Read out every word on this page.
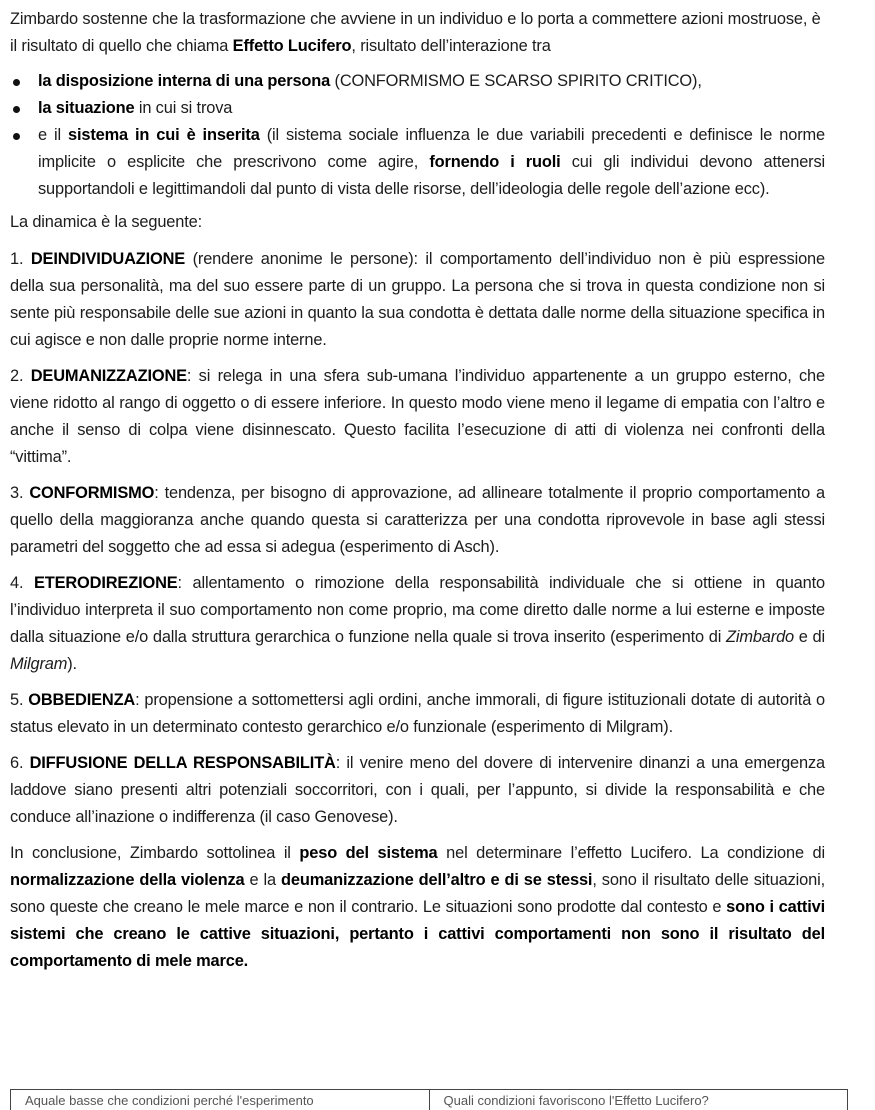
Zimbardo sostenne che la trasformazione che avviene in un individuo e lo porta a commettere azioni mostruose, è il risultato di quello che chiama Effetto Lucifero, risultato dell’interazione tra

la disposizione interna di una persona (CONFORMISMO E SCARSO SPIRITO CRITICO),
la situazione in cui si trova
e il sistema in cui è inserita (il sistema sociale influenza le due variabili precedenti e definisce le norme implicite o esplicite che prescrivono come agire, fornendo i ruoli cui gli individui devono attenersi supportandoli e legittimandoli dal punto di vista delle risorse, dell’ideologia delle regole dell’azione ecc).

La dinamica è la seguente:

1. DEINDIVIDUAZIONE (rendere anonime le persone): il comportamento dell’individuo non è più espressione della sua personalità, ma del suo essere parte di un gruppo. La persona che si trova in questa condizione non si sente più responsabile delle sue azioni in quanto la sua condotta è dettata dalle norme della situazione specifica in cui agisce e non dalle proprie norme interne.

2. DEUMANIZZAZIONE: si relega in una sfera sub-umana l’individuo appartenente a un gruppo esterno, che viene ridotto al rango di oggetto o di essere inferiore. In questo modo viene meno il legame di empatia con l’altro e anche il senso di colpa viene disinnescato. Questo facilita l’esecuzione di atti di violenza nei confronti della “vittima”.

3. CONFORMISMO: tendenza, per bisogno di approvazione, ad allineare totalmente il proprio comportamento a quello della maggioranza anche quando questa si caratterizza per una condotta riprovevole in base agli stessi parametri del soggetto che ad essa si adegua (esperimento di Asch).

4. ETERODIREZIONE: allentamento o rimozione della responsabilità individuale che si ottiene in quanto l’individuo interpreta il suo comportamento non come proprio, ma come diretto dalle norme a lui esterne e imposte dalla situazione e/o dalla struttura gerarchica o funzione nella quale si trova inserito (esperimento di Zimbardo e di Milgram).

5. OBBEDIENZA: propensione a sottomettersi agli ordini, anche immorali, di figure istituzionali dotate di autorità o status elevato in un determinato contesto gerarchico e/o funzionale (esperimento di Milgram).

6. DIFFUSIONE DELLA RESPONSABILITÀ: il venire meno del dovere di intervenire dinanzi a una emergenza laddove siano presenti altri potenziali soccorritori, con i quali, per l’appunto, si divide la responsabilità e che conduce all’inazione o indifferenza (il caso Genovese).

In conclusione, Zimbardo sottolinea il peso del sistema nel determinare l’effetto Lucifero. La condizione di normalizzazione della violenza e la deumanizzazione dell’altro e di se stessi, sono il risultato delle situazioni, sono queste che creano le mele marce e non il contrario. Le situazioni sono prodotte dal contesto e sono i cattivi sistemi che creano le cattive situazioni, pertanto i cattivi comportamenti non sono il risultato del comportamento di mele marce.

Aquale basse che condizioni perché l'esperimento	Quali condizioni favoriscono l'Effetto Lucifero?
